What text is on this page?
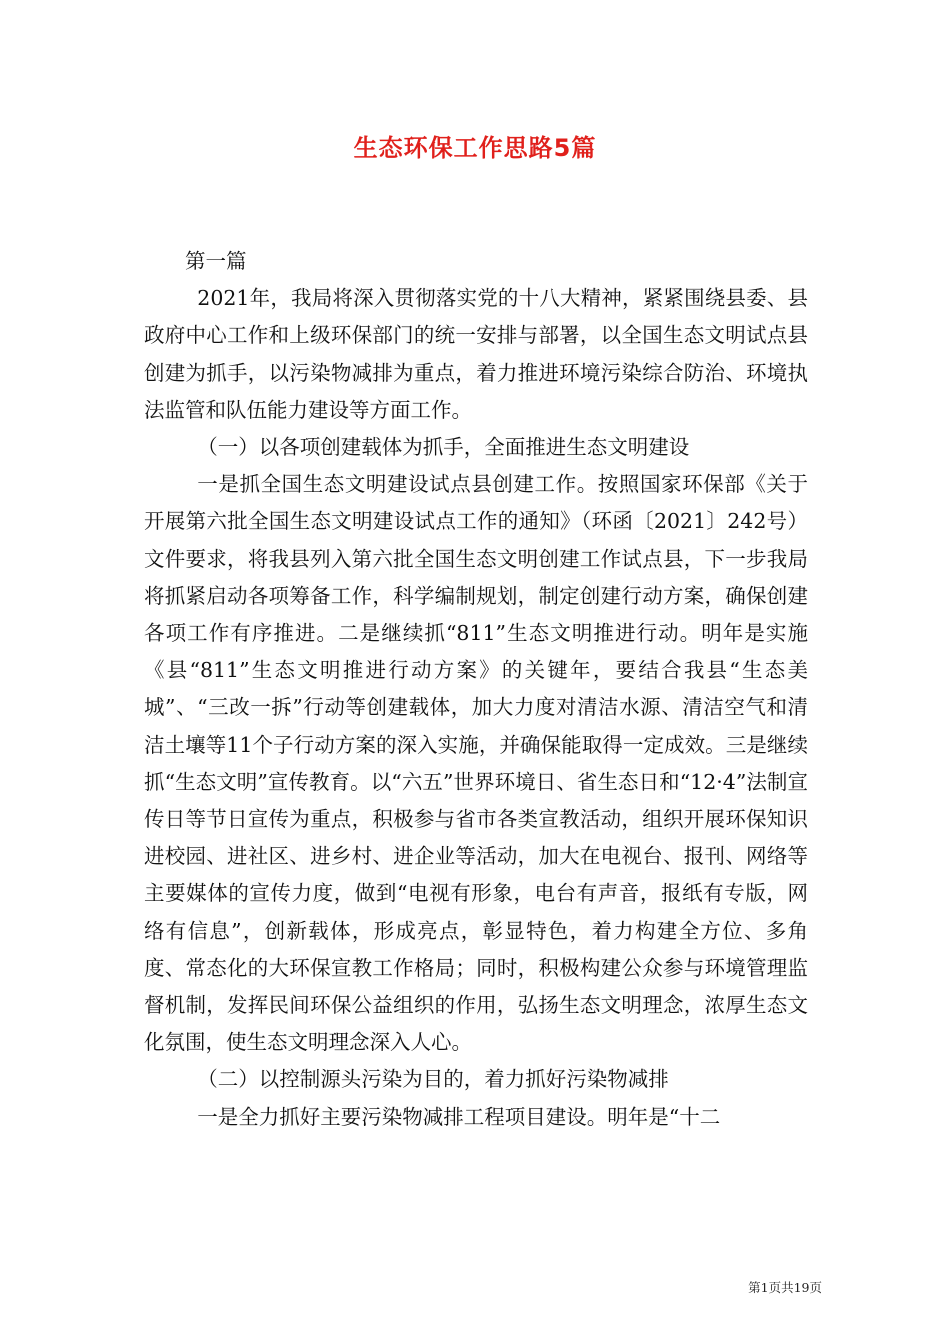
生态环保工作思路5篇

第一篇

2021年，我局将深入贯彻落实党的十八大精神，紧紧围绕县委、县政府中心工作和上级环保部门的统一安排与部署，以全国生态文明试点县创建为抓手，以污染物减排为重点，着力推进环境污染综合防治、环境执法监管和队伍能力建设等方面工作。

（一）以各项创建载体为抓手，全面推进生态文明建设

一是抓全国生态文明建设试点县创建工作。按照国家环保部《关于开展第六批全国生态文明建设试点工作的通知》（环函〔2021〕242号）文件要求，将我县列入第六批全国生态文明创建工作试点县，下一步我局将抓紧启动各项筹备工作，科学编制规划，制定创建行动方案，确保创建各项工作有序推进。二是继续抓“811”生态文明推进行动。明年是实施《县“811”生态文明推进行动方案》的关键年，要结合我县“生态美城”、“三改一拆”行动等创建载体，加大力度对清洁水源、清洁空气和清洁土壤等11个子行动方案的深入实施，并确保能取得一定成效。三是继续抓“生态文明”宣传教育。以“六五”世界环境日、省生态日和“12·4”法制宣传日等节日宣传为重点，积极参与省市各类宣教活动，组织开展环保知识进校园、进社区、进乡村、进企业等活动，加大在电视台、报刊、网络等主要媒体的宣传力度，做到“电视有形象，电台有声音，报纸有专版，网络有信息”，创新载体，形成亮点，彰显特色，着力构建全方位、多角度、常态化的大环保宣教工作格局；同时，积极构建公众参与环境管理监督机制，发挥民间环保公益组织的作用，弘扬生态文明理念，浓厚生态文化氛围，使生态文明理念深入人心。

（二）以控制源头污染为目的，着力抓好污染物减排

一是全力抓好主要污染物减排工程项目建设。明年是“十二

第1页共19页
